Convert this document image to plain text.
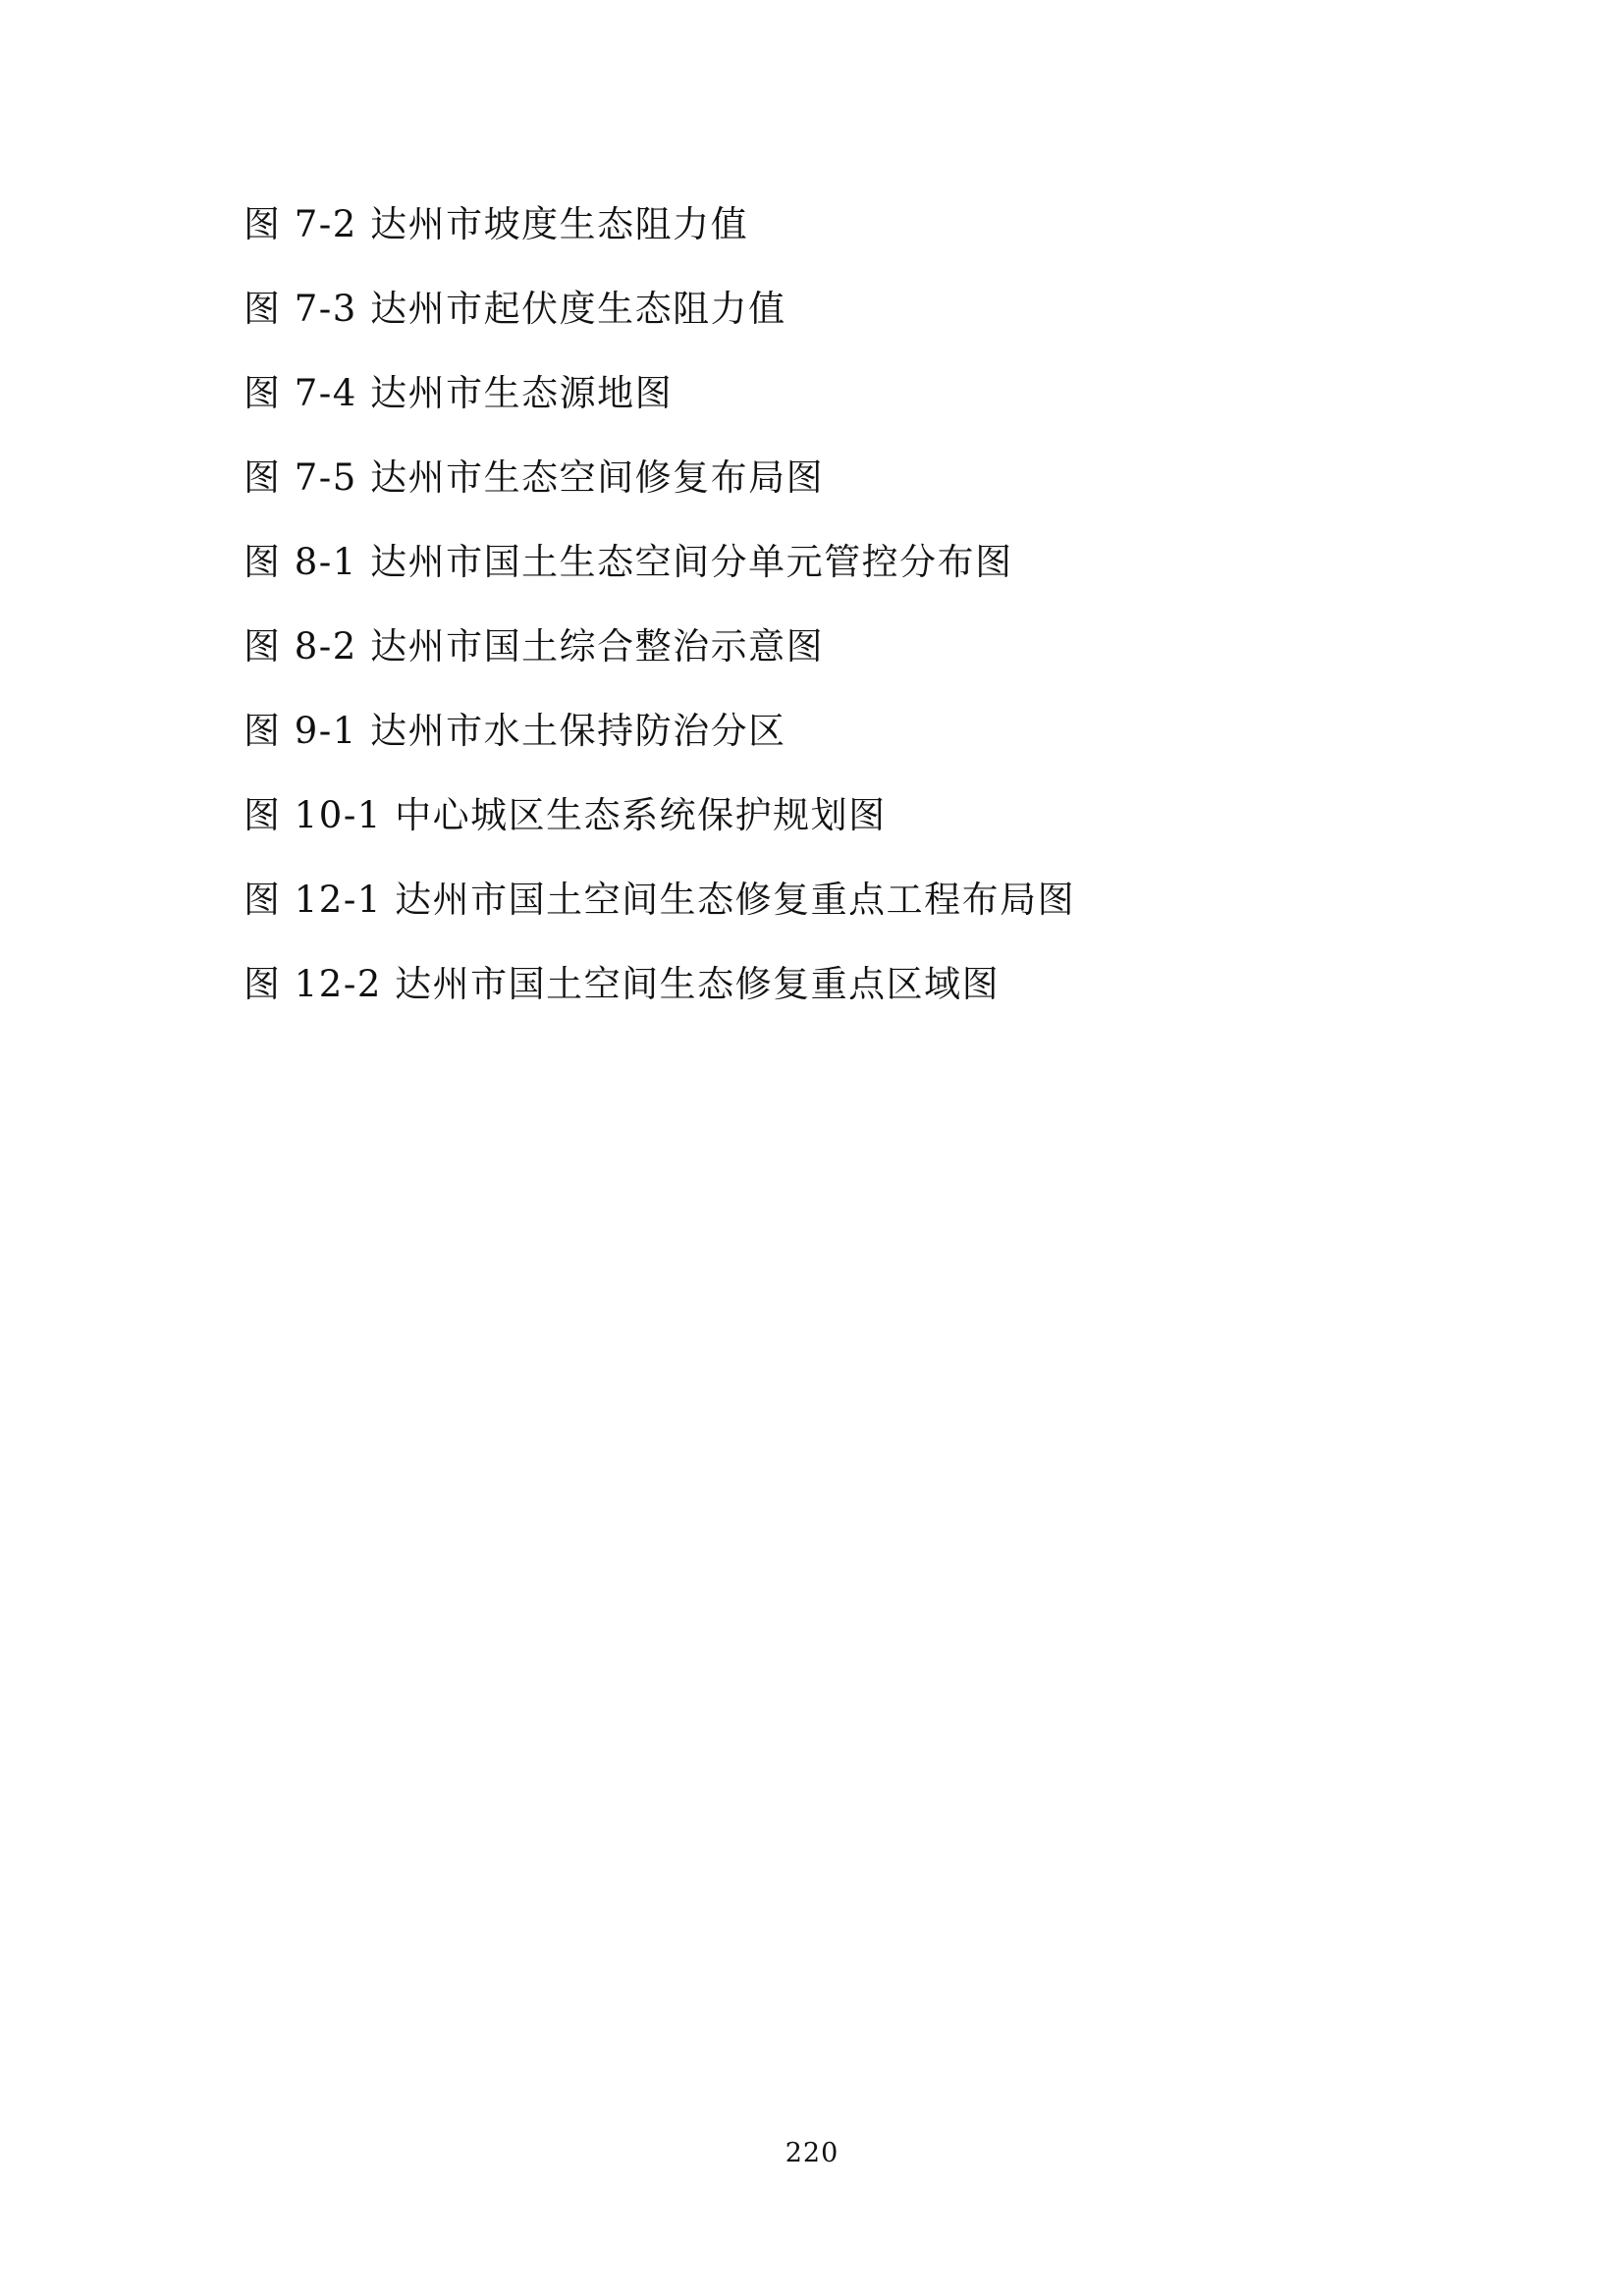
图 7-2 达州市坡度生态阻力值
图 7-3 达州市起伏度生态阻力值
图 7-4 达州市生态源地图
图 7-5 达州市生态空间修复布局图
图 8-1 达州市国土生态空间分单元管控分布图
图 8-2 达州市国土综合整治示意图
图 9-1 达州市水土保持防治分区
图 10-1 中心城区生态系统保护规划图
图 12-1 达州市国土空间生态修复重点工程布局图
图 12-2 达州市国土空间生态修复重点区域图
220
